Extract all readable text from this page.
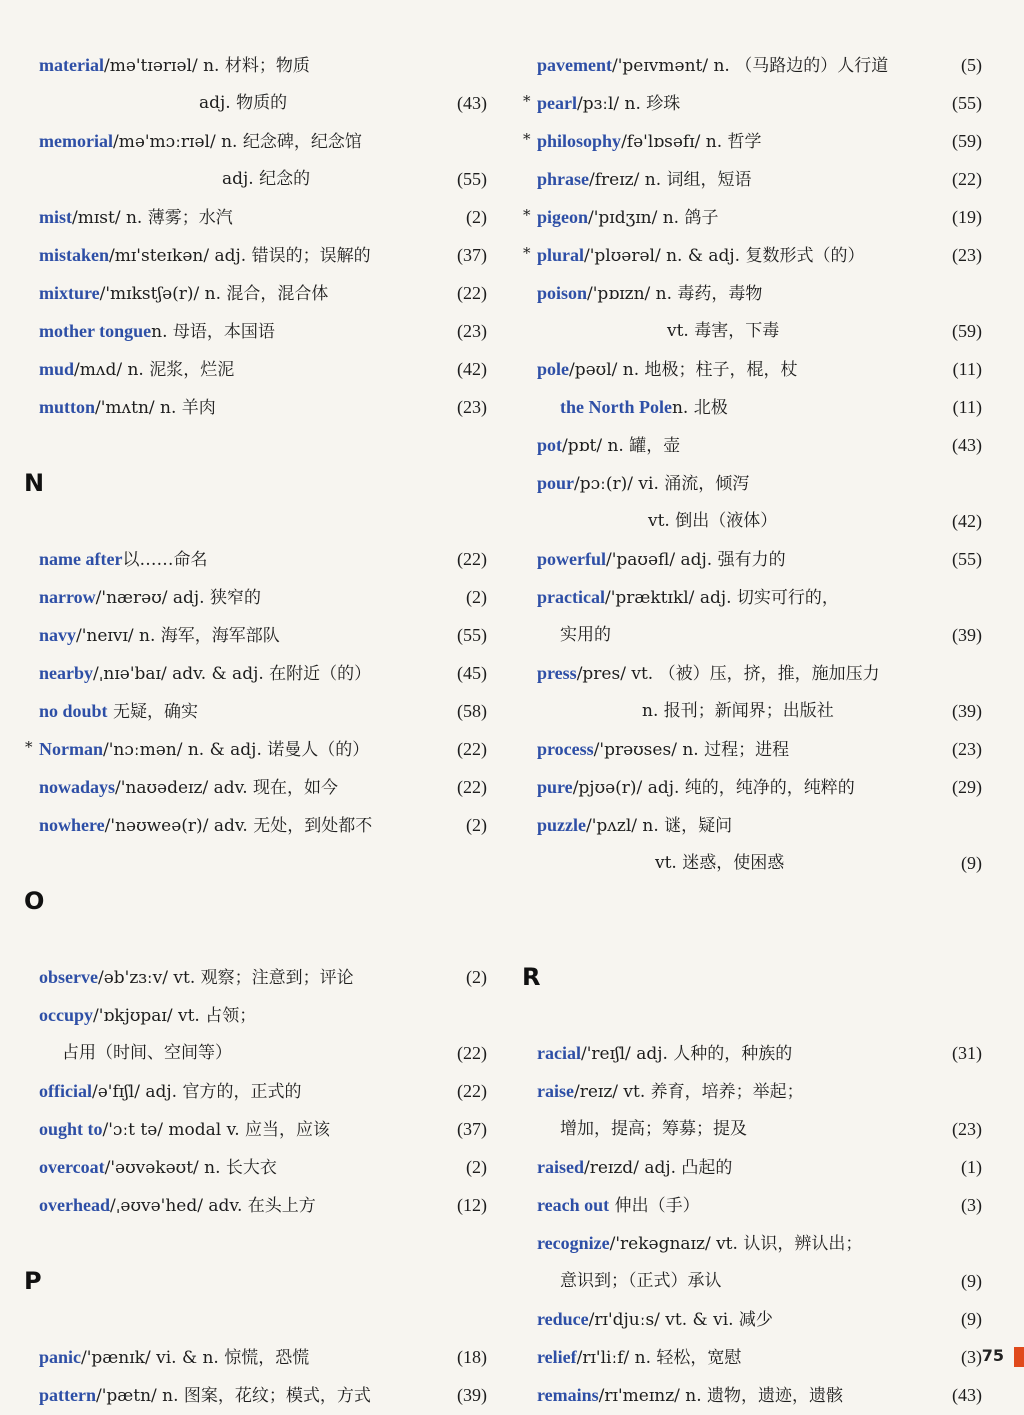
material/mə'tɪərɪəl/ n. 材料；物质
adj. 物质的	(43)
memorial/mə'mɔːrɪəl/ n. 纪念碑，纪念馆
adj. 纪念的	(55)
mist/mɪst/ n. 薄雾；水汽	(2)
mistaken/mɪ'steɪkən/ adj. 错误的；误解的	(37)
mixture/'mɪkstʃə(r)/ n. 混合，混合体	(22)
mother tonguen. 母语，本国语	(23)
mud/mʌd/ n. 泥浆，烂泥	(42)
mutton/'mʌtn/ n. 羊肉	(23)
N
name after以……命名	(22)
narrow/'nærəʊ/ adj. 狭窄的	(2)
navy/'neɪvɪ/ n. 海军，海军部队	(55)
nearby/ˌnɪə'baɪ/ adv. & adj. 在附近（的）	(45)
no doubt 无疑，确实	(58)
* Norman/'nɔːmən/ n. & adj. 诺曼人（的）	(22)
nowadays/'naʊədeɪz/ adv. 现在，如今	(22)
nowhere/'nəʊweə(r)/ adv. 无处，到处都不	(2)
O
observe/əb'zɜːv/ vt. 观察；注意到；评论	(2)
occupy/'ɒkjʊpaɪ/ vt. 占领；
占用（时间、空间等）	(22)
official/ə'fɪʃl/ adj. 官方的，正式的	(22)
ought to/'ɔːt tə/ modal v. 应当，应该	(37)
overcoat/'əʊvəkəʊt/ n. 长大衣	(2)
overhead/ˌəʊvə'hed/ adv. 在头上方	(12)
P
panic/'pænɪk/ vi. & n. 惊慌，恐慌	(18)
pattern/'pætn/ n. 图案，花纹；模式，方式	(39)
pavement/'peɪvmənt/ n. （马路边的）人行道	(5)
* pearl/pɜːl/ n. 珍珠	(55)
* philosophy/fə'lɒsəfɪ/ n. 哲学	(59)
phrase/freɪz/ n. 词组，短语	(22)
* pigeon/'pɪdʒɪn/ n. 鸽子	(19)
* plural/'plʊərəl/ n. & adj. 复数形式（的）	(23)
poison/'pɒɪzn/ n. 毒药，毒物
vt. 毒害，下毒	(59)
pole/pəʊl/ n. 地极；柱子，棍，杖	(11)
the North Polen. 北极	(11)
pot/pɒt/ n. 罐，壶	(43)
pour/pɔː(r)/ vi. 涌流，倾泻
vt. 倒出（液体）	(42)
powerful/'paʊəfl/ adj. 强有力的	(55)
practical/'præktɪkl/ adj. 切实可行的，
实用的	(39)
press/pres/ vt. （被）压，挤，推，施加压力
n. 报刊；新闻界；出版社	(39)
process/'prəʊses/ n. 过程；进程	(23)
pure/pjʊə(r)/ adj. 纯的，纯净的，纯粹的	(29)
puzzle/'pʌzl/ n. 谜，疑问
vt. 迷惑，使困惑	(9)
R
racial/'reɪʃl/ adj. 人种的，种族的	(31)
raise/reɪz/ vt. 养育，培养；举起；
增加，提高；筹募；提及	(23)
raised/reɪzd/ adj. 凸起的	(1)
reach out 伸出（手）	(3)
recognize/'rekəgnaɪz/ vt. 认识，辨认出；
意识到；（正式）承认	(9)
reduce/rɪ'djuːs/ vt. & vi. 减少	(9)
relief/rɪ'liːf/ n. 轻松，宽慰	(3)
remains/rɪ'meɪnz/ n. 遗物，遗迹，遗骸	(43)
75
